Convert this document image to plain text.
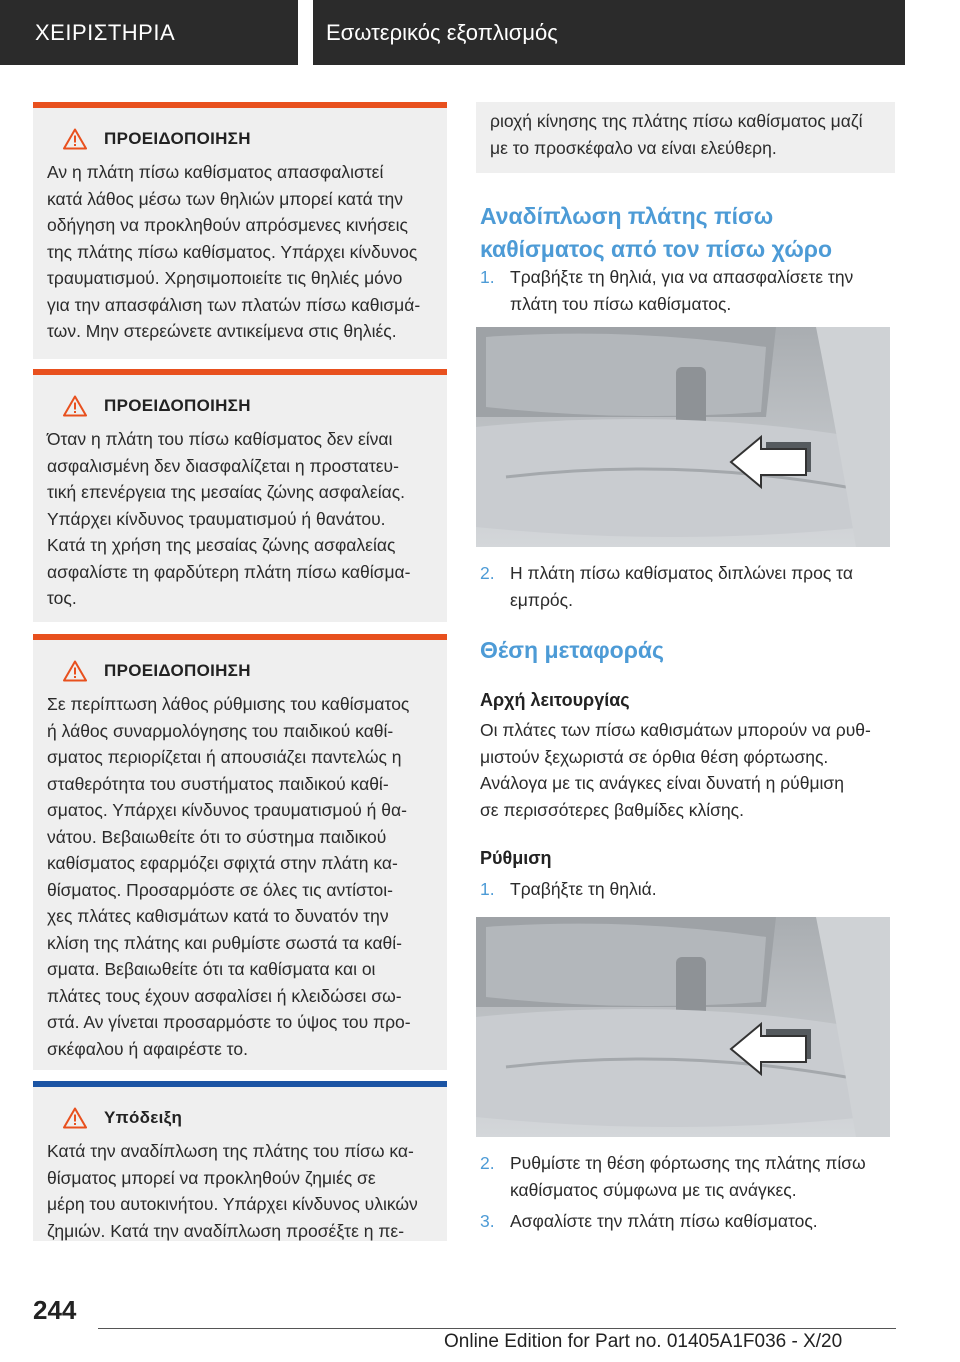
ΧΕΙΡΙΣΤΗΡΙΑ	Εσωτερικός εξοπλισμός
ΠΡΟΕΙΔΟΠΟΙΗΣΗ

Αν η πλάτη πίσω καθίσματος απασφαλιστεί
κατά λάθος μέσω των θηλιών μπορεί κατά την
οδήγηση να προκληθούν απρόσμενες κινήσεις
της πλάτης πίσω καθίσματος. Υπάρχει κίνδυνος
τραυματισμού. Χρησιμοποιείτε τις θηλιές μόνο
για την απασφάλιση των πλατών πίσω καθισμά-
των. Μην στερεώνετε αντικείμενα στις θηλιές.

ΠΡΟΕΙΔΟΠΟΙΗΣΗ

Όταν η πλάτη του πίσω καθίσματος δεν είναι
ασφαλισμένη δεν διασφαλίζεται η προστατευ-
τική επενέργεια της μεσαίας ζώνης ασφαλείας.
Υπάρχει κίνδυνος τραυματισμού ή θανάτου.
Κατά τη χρήση της μεσαίας ζώνης ασφαλείας
ασφαλίστε τη φαρδύτερη πλάτη πίσω καθίσμα-
τος.

ΠΡΟΕΙΔΟΠΟΙΗΣΗ

Σε περίπτωση λάθος ρύθμισης του καθίσματος
ή λάθος συναρμολόγησης του παιδικού καθί-
σματος περιορίζεται ή απουσιάζει παντελώς η
σταθερότητα του συστήματος παιδικού καθί-
σματος. Υπάρχει κίνδυνος τραυματισμού ή θα-
νάτου. Βεβαιωθείτε ότι το σύστημα παιδικού
καθίσματος εφαρμόζει σφιχτά στην πλάτη κα-
θίσματος. Προσαρμόστε σε όλες τις αντίστοι-
χες πλάτες καθισμάτων κατά το δυνατόν την
κλίση της πλάτης και ρυθμίστε σωστά τα καθί-
σματα. Βεβαιωθείτε ότι τα καθίσματα και οι
πλάτες τους έχουν ασφαλίσει ή κλειδώσει σω-
στά. Αν γίνεται προσαρμόστε το ύψος του προ-
σκέφαλου ή αφαιρέστε το.

Υπόδειξη

Κατά την αναδίπλωση της πλάτης του πίσω κα-
θίσματος μπορεί να προκληθούν ζημιές σε
μέρη του αυτοκινήτου. Υπάρχει κίνδυνος υλικών
ζημιών. Κατά την αναδίπλωση προσέξτε η πε-

ριοχή κίνησης της πλάτης πίσω καθίσματος μαζί
με το προσκέφαλο να είναι ελεύθερη.

Αναδίπλωση πλάτης πίσω
καθίσματος από τον πίσω χώρο
1. Τραβήξτε τη θηλιά, για να απασφαλίσετε την
πλάτη του πίσω καθίσματος.
2. Η πλάτη πίσω καθίσματος διπλώνει προς τα
εμπρός.
Θέση μεταφοράς
Αρχή λειτουργίας
Οι πλάτες των πίσω καθισμάτων μπορούν να ρυθ-
μιστούν ξεχωριστά σε όρθια θέση φόρτωσης.
Ανάλογα με τις ανάγκες είναι δυνατή η ρύθμιση
σε περισσότερες βαθμίδες κλίσης.
Ρύθμιση
1. Τραβήξτε τη θηλιά.
2. Ρυθμίστε τη θέση φόρτωσης της πλάτης πίσω
καθίσματος σύμφωνα με τις ανάγκες.
3. Ασφαλίστε την πλάτη πίσω καθίσματος.
244
Online Edition for Part no. 01405A1F036 - X/20
